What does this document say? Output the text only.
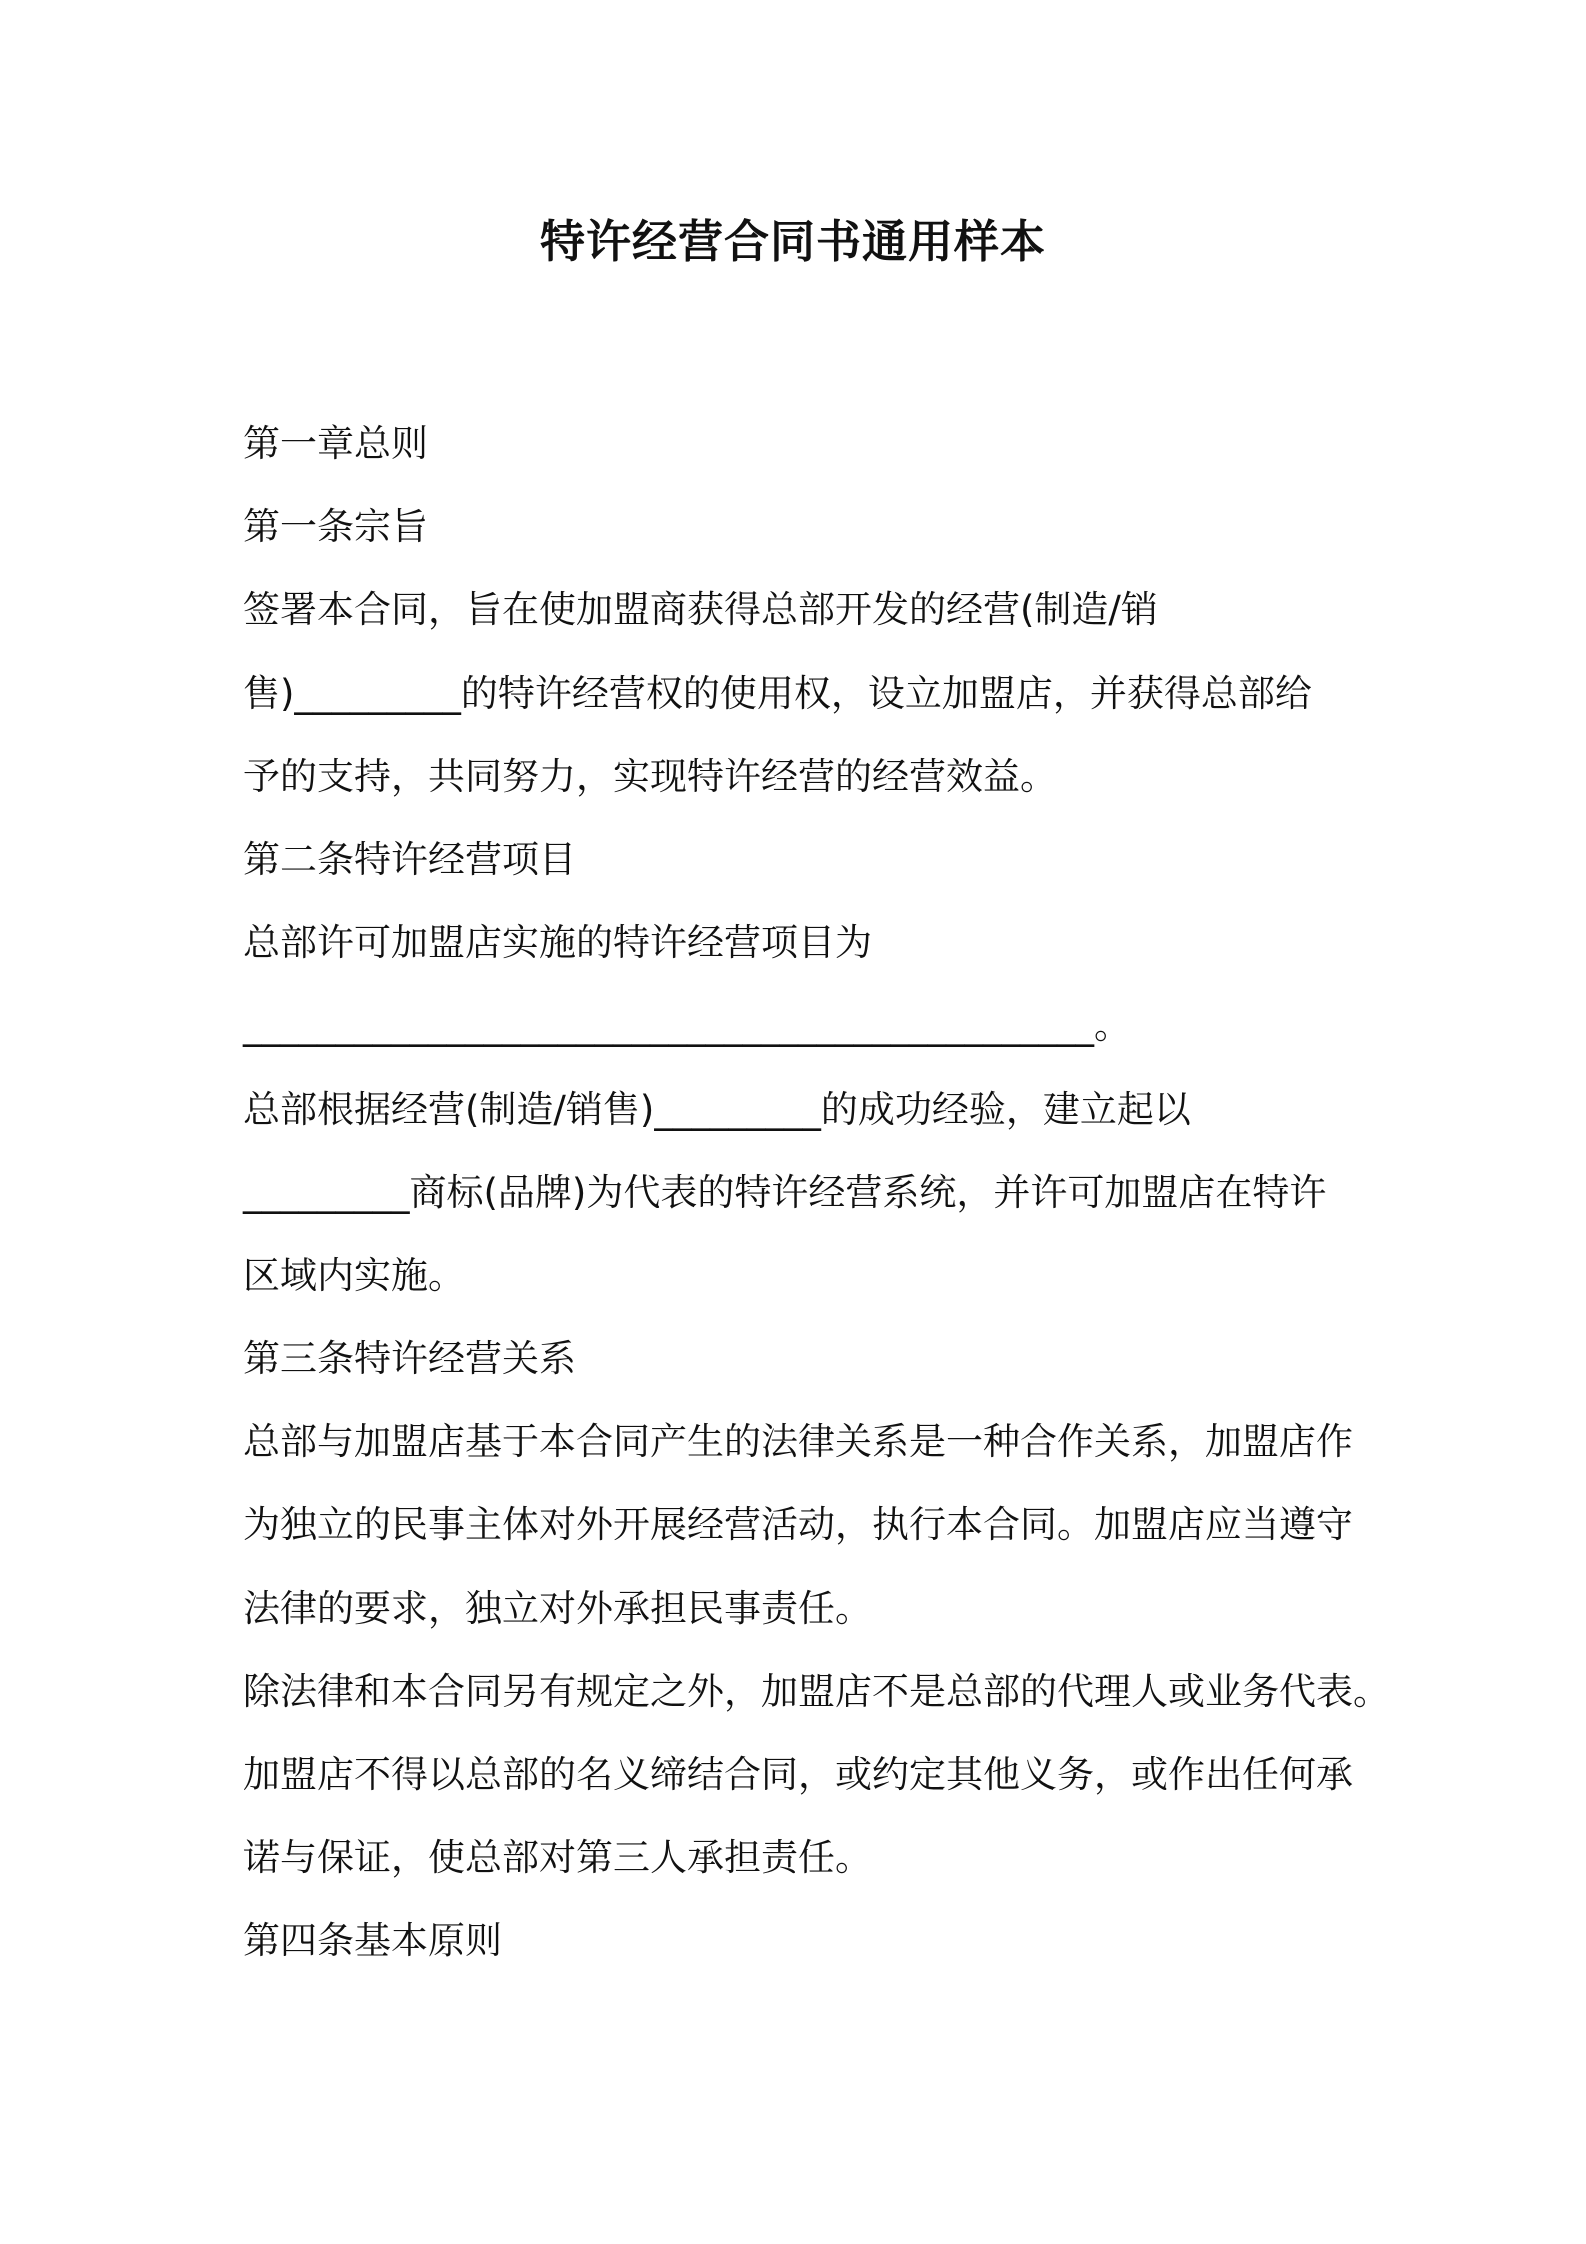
特许经营合同书通用样本
第一章总则
第一条宗旨
签署本合同，旨在使加盟商获得总部开发的经营(制造/销
售)_________的特许经营权的使用权，设立加盟店，并获得总部给
予的支持，共同努力，实现特许经营的经营效益。
第二条特许经营项目
总部许可加盟店实施的特许经营项目为
______________________________________________。
总部根据经营(制造/销售)_________的成功经验，建立起以
_________商标(品牌)为代表的特许经营系统，并许可加盟店在特许
区域内实施。
第三条特许经营关系
总部与加盟店基于本合同产生的法律关系是一种合作关系，加盟店作
为独立的民事主体对外开展经营活动，执行本合同。加盟店应当遵守
法律的要求，独立对外承担民事责任。
除法律和本合同另有规定之外，加盟店不是总部的代理人或业务代表。
加盟店不得以总部的名义缔结合同，或约定其他义务，或作出任何承
诺与保证，使总部对第三人承担责任。
第四条基本原则
